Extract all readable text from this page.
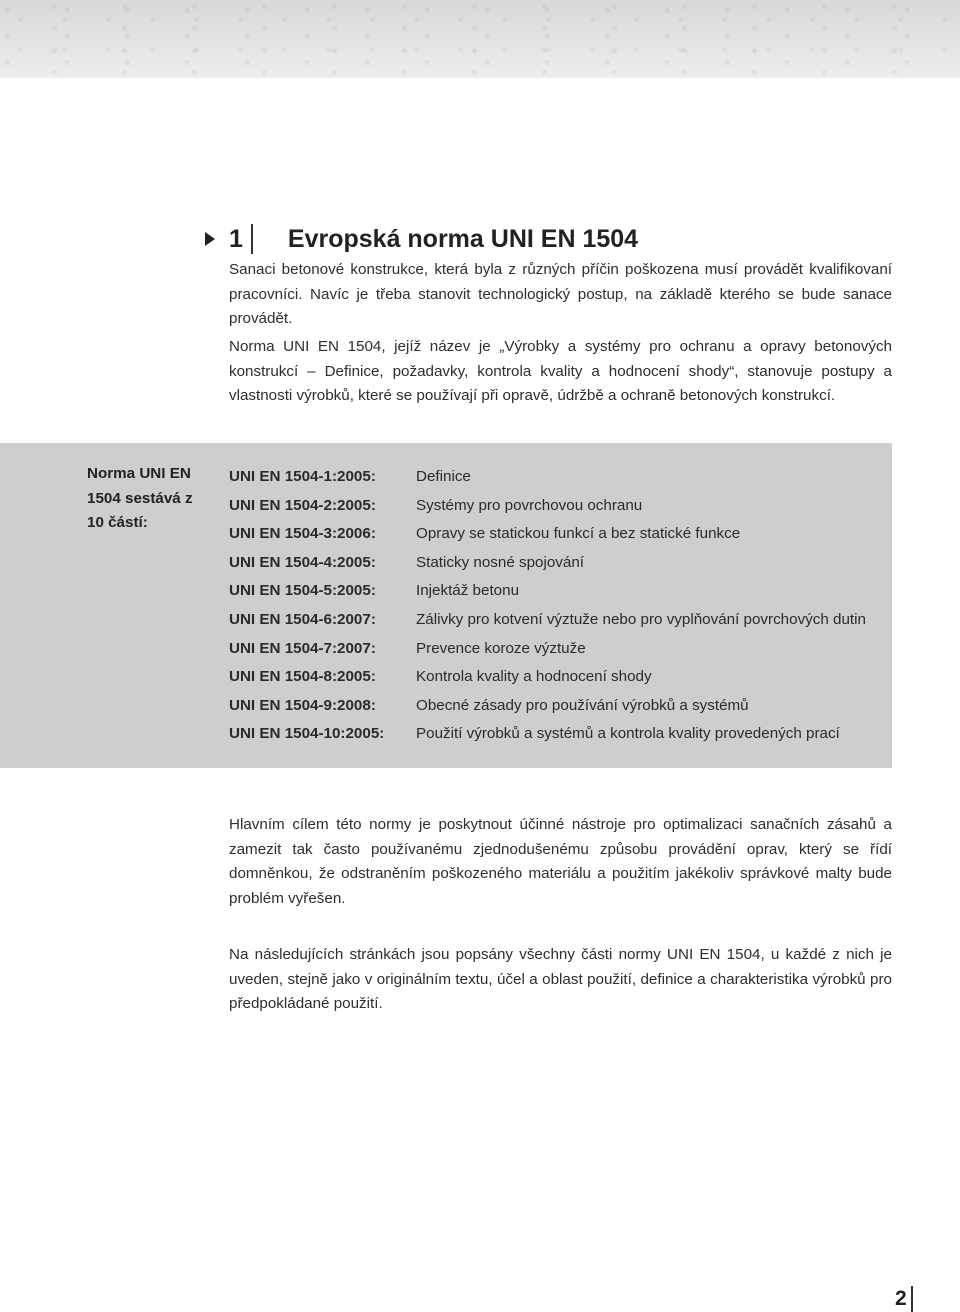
1 Evropská norma UNI EN 1504

Sanaci betonové konstrukce, která byla z různých příčin poškozena musí provádět kvalifikovaní pracovníci. Navíc je třeba stanovit technologický postup, na základě kterého se bude sanace provádět.

Norma UNI EN 1504, jejíž název je „Výrobky a systémy pro ochranu a opravy betonových konstrukcí – Definice, požadavky, kontrola kvality a hodnocení shody“, stanovuje postupy a vlastnosti výrobků, které se používají při opravě, údržbě a ochraně betonových konstrukcí.

Norma UNI EN 1504 sestává z 10 částí:

UNI EN 1504-1:2005:	Definice
UNI EN 1504-2:2005:	Systémy pro povrchovou ochranu
UNI EN 1504-3:2006:	Opravy se statickou funkcí a bez statické funkce
UNI EN 1504-4:2005:	Staticky nosné spojování
UNI EN 1504-5:2005:	Injektáž betonu
UNI EN 1504-6:2007:	Zálivky pro kotvení výztuže nebo pro vyplňování povrchových dutin
UNI EN 1504-7:2007:	Prevence koroze výztuže
UNI EN 1504-8:2005:	Kontrola kvality a hodnocení shody
UNI EN 1504-9:2008:	Obecné zásady pro používání výrobků a systémů
UNI EN 1504-10:2005: Použití výrobků a systémů a kontrola kvality provedených prací

Hlavním cílem této normy je poskytnout účinné nástroje pro optimalizaci sanačních zásahů a zamezit tak často používanému zjednodušenému způsobu provádění oprav, který se řídí domněnkou, že odstraněním poškozeného materiálu a použitím jakékoliv správkové malty bude problém vyřešen.

Na následujících stránkách jsou popsány všechny části normy UNI EN 1504, u každé z nich je uveden, stejně jako v originálním textu, účel a oblast použití, definice a charakteristika výrobků pro předpokládané použití.

2
